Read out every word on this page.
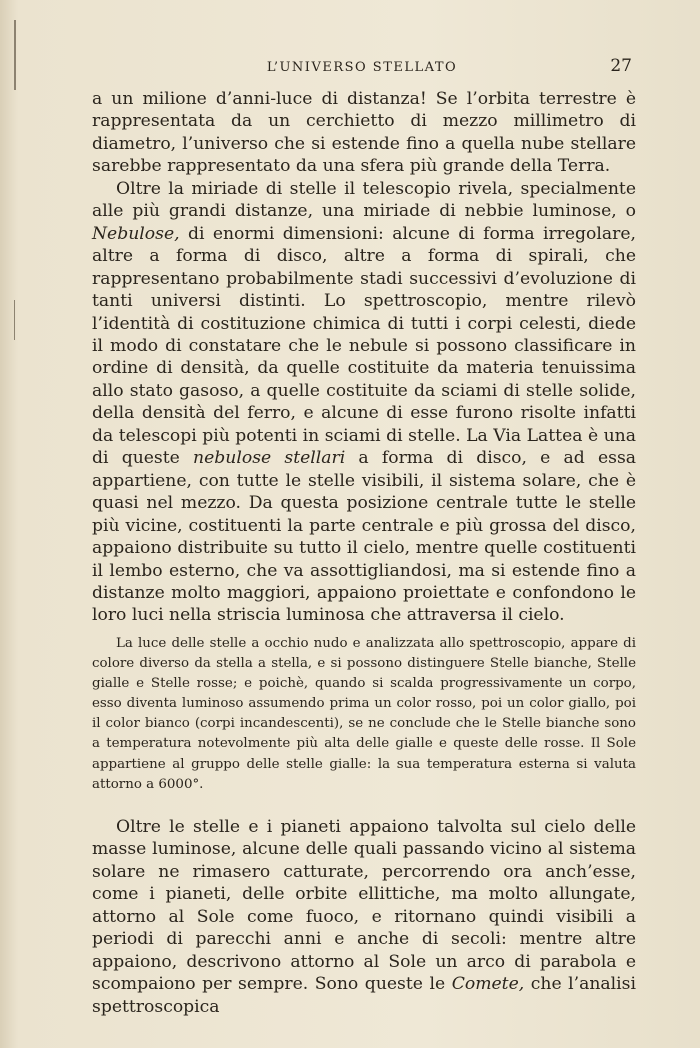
L’UNIVERSO STELLATO	27

a un milione d’anni-luce di distanza! Se l’orbita terrestre è rappresentata da un cerchietto di mezzo millimetro di diametro, l’universo che si estende fino a quella nube stellare sarebbe rappresentato da una sfera più grande della Terra.

Oltre la miriade di stelle il telescopio rivela, specialmente alle più grandi distanze, una miriade di nebbie luminose, o Nebulose, di enormi dimensioni: alcune di forma irregolare, altre a forma di disco, altre a forma di spirali, che rappresentano probabilmente stadi successivi d’evoluzione di tanti universi distinti. Lo spettroscopio, mentre rilevò l’identità di costituzione chimica di tutti i corpi celesti, diede il modo di constatare che le nebule si possono classificare in ordine di densità, da quelle costituite da materia tenuissima allo stato gasoso, a quelle costituite da sciami di stelle solide, della densità del ferro, e alcune di esse furono risolte infatti da telescopi più potenti in sciami di stelle. La Via Lattea è una di queste nebulose stellari a forma di disco, e ad essa appartiene, con tutte le stelle visibili, il sistema solare, che è quasi nel mezzo. Da questa posizione centrale tutte le stelle più vicine, costituenti la parte centrale e più grossa del disco, appaiono distribuite su tutto il cielo, mentre quelle costituenti il lembo esterno, che va assottigliandosi, ma si estende fino a distanze molto maggiori, appaiono proiettate e confondono le loro luci nella striscia luminosa che attraversa il cielo.

La luce delle stelle a occhio nudo e analizzata allo spettroscopio, appare di colore diverso da stella a stella, e si possono distinguere Stelle bianche, Stelle gialle e Stelle rosse; e poichè, quando si scalda progressivamente un corpo, esso diventa luminoso assumendo prima un color rosso, poi un color giallo, poi il color bianco (corpi incandescenti), se ne conclude che le Stelle bianche sono a temperatura notevolmente più alta delle gialle e queste delle rosse. Il Sole appartiene al gruppo delle stelle gialle: la sua temperatura esterna si valuta attorno a 6000°.

Oltre le stelle e i pianeti appaiono talvolta sul cielo delle masse luminose, alcune delle quali passando vicino al sistema solare ne rimasero catturate, percorrendo ora anch’esse, come i pianeti, delle orbite ellittiche, ma molto allungate, attorno al Sole come fuoco, e ritornano quindi visibili a periodi di parecchi anni e anche di secoli: mentre altre appaiono, descrivono attorno al Sole un arco di parabola e scompaiono per sempre. Sono queste le Comete, che l’analisi spettroscopica
